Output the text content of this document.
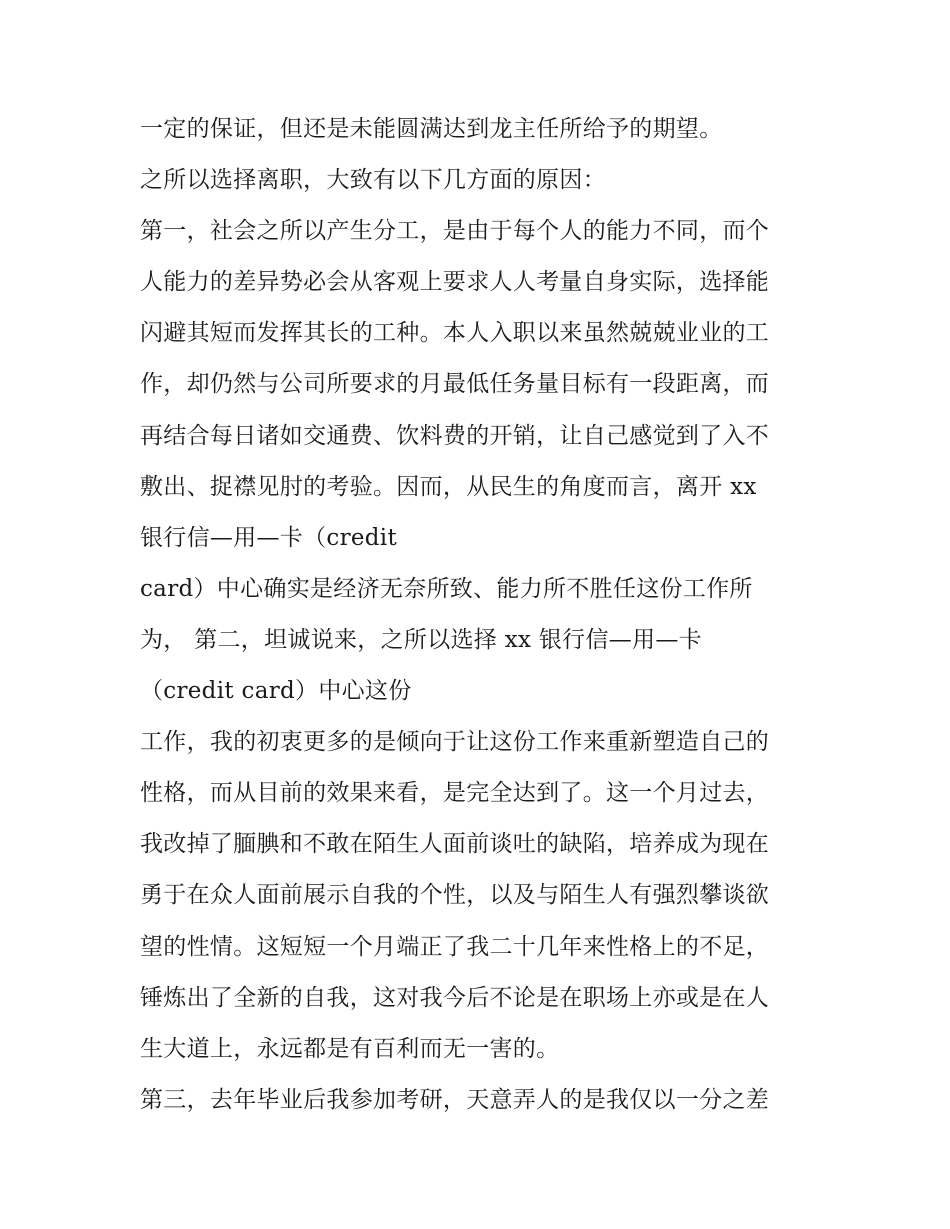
一定的保证，但还是未能圆满达到龙主任所给予的期望。
之所以选择离职，大致有以下几方面的原因：
第一，社会之所以产生分工，是由于每个人的能力不同，而个
人能力的差异势必会从客观上要求人人考量自身实际，选择能
闪避其短而发挥其长的工种。本人入职以来虽然兢兢业业的工
作，却仍然与公司所要求的月最低任务量目标有一段距离，而
再结合每日诸如交通费、饮料费的开销，让自己感觉到了入不
敷出、捉襟见肘的考验。因而，从民生的角度而言，离开 xx
银行信—用—卡（credit
card）中心确实是经济无奈所致、能力所不胜任这份工作所
为， 第二，坦诚说来，之所以选择 xx 银行信—用—卡
（credit card）中心这份
工作，我的初衷更多的是倾向于让这份工作来重新塑造自己的
性格，而从目前的效果来看，是完全达到了。这一个月过去，
我改掉了腼腆和不敢在陌生人面前谈吐的缺陷，培养成为现在
勇于在众人面前展示自我的个性，以及与陌生人有强烈攀谈欲
望的性情。这短短一个月端正了我二十几年来性格上的不足，
锤炼出了全新的自我，这对我今后不论是在职场上亦或是在人
生大道上，永远都是有百利而无一害的。
第三，去年毕业后我参加考研，天意弄人的是我仅以一分之差
